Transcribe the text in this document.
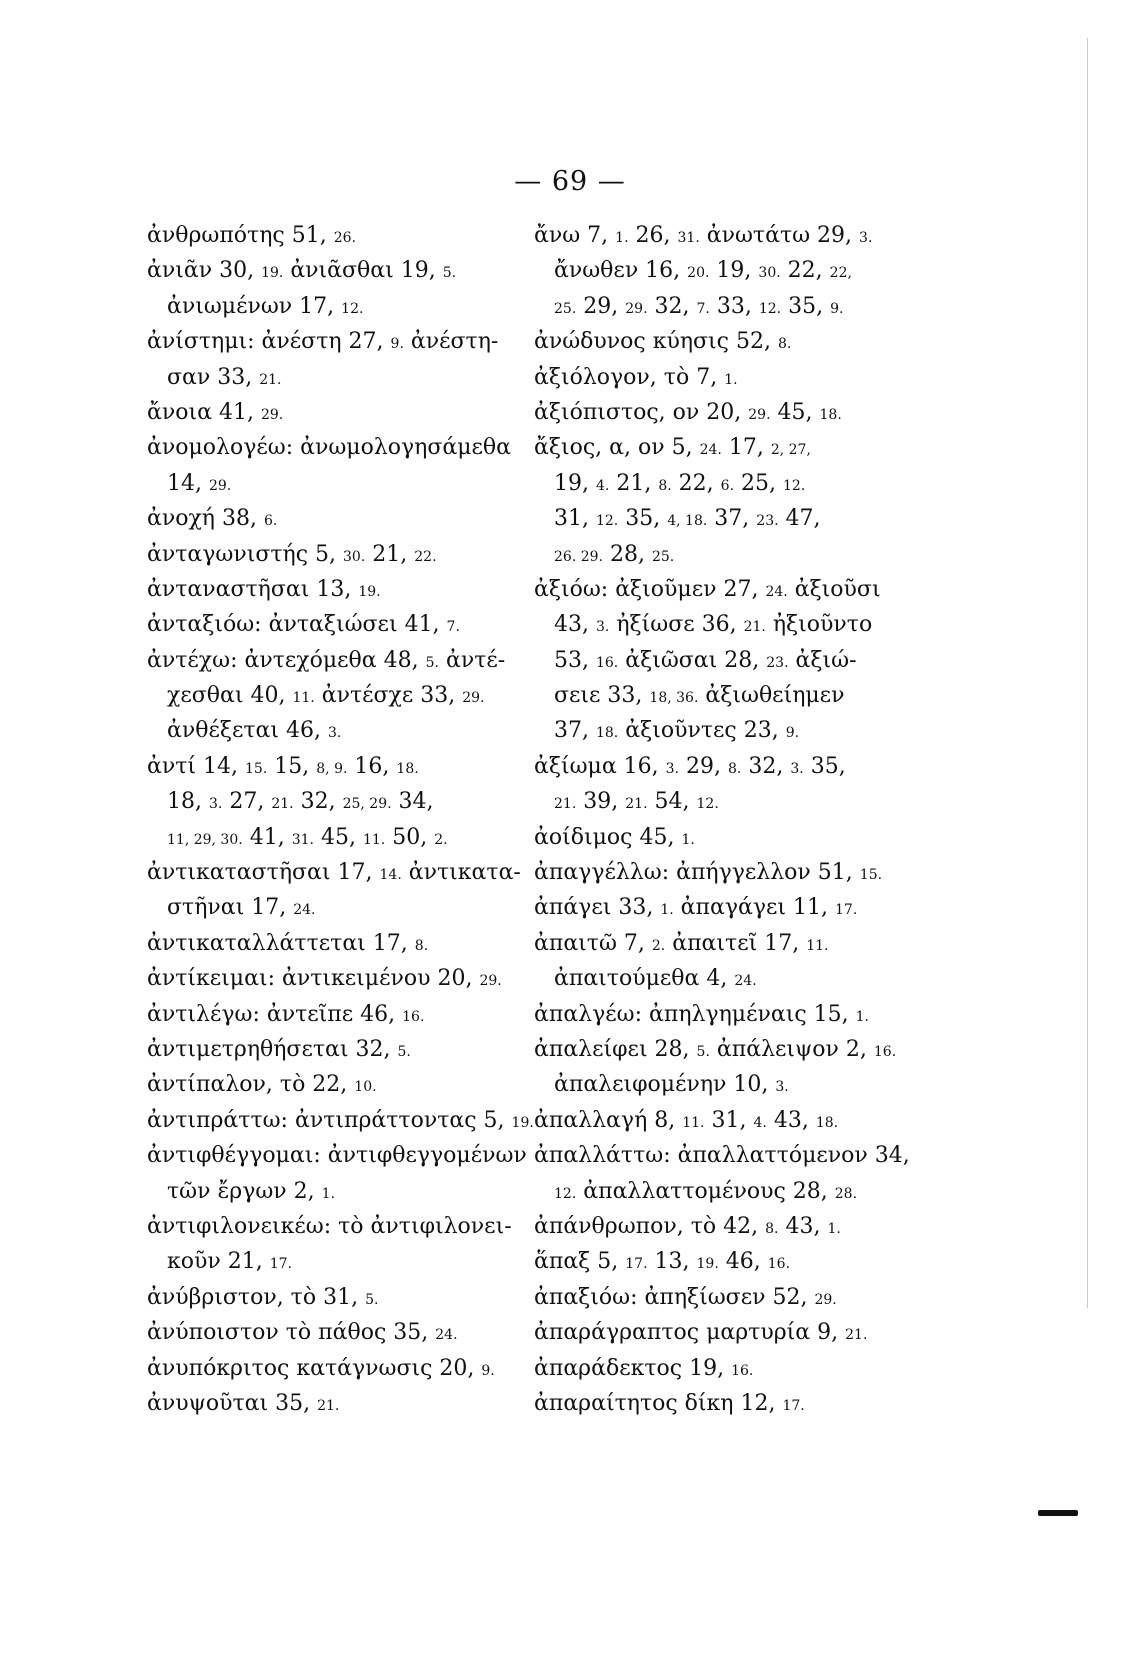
— 69 —
ἀνθρωπότης 51, 26.
ἀνιᾶν 30, 19. ἀνιᾶσθαι 19, 5.
ἀνιωμένων 17, 12.
ἀνίστημι: ἀνέστη 27, 9. ἀνέστη-
σαν 33, 21.
ἄνοια 41, 29.
ἀνομολογέω: ἀνωμολογησάμεθα
14, 29.
ἀνοχή 38, 6.
ἀνταγωνιστής 5, 30. 21, 22.
ἀνταναστῆσαι 13, 19.
ἀνταξιόω: ἀνταξιώσει 41, 7.
ἀντέχω: ἀντεχόμεθα 48, 5. ἀντέ-
χεσθαι 40, 11. ἀντέσχε 33, 29.
ἀνθέξεται 46, 3.
ἀντί 14, 15. 15, 8, 9. 16, 18.
18, 3. 27, 21. 32, 25, 29. 34,
11, 29, 30. 41, 31. 45, 11. 50, 2.
ἀντικαταστῆσαι 17, 14. ἀντικατα-
στῆναι 17, 24.
ἀντικαταλλάττεται 17, 8.
ἀντίκειμαι: ἀντικειμένου 20, 29.
ἀντιλέγω: ἀντεῖπε 46, 16.
ἀντιμετρηθήσεται 32, 5.
ἀντίπαλον, τὸ 22, 10.
ἀντιπράττω: ἀντιπράττοντας 5, 19.
ἀντιφθέγγομαι: ἀντιφθεγγομένων
τῶν ἔργων 2, 1.
ἀντιφιλονεικέω: τὸ ἀντιφιλονει-
κοῦν 21, 17.
ἀνύβριστον, τὸ 31, 5.
ἀνύποιστον τὸ πάθος 35, 24.
ἀνυπόκριτος κατάγνωσις 20, 9.
ἀνυψοῦται 35, 21.
ἄνω 7, 1. 26, 31. ἀνωτάτω 29, 3.
ἄνωθεν 16, 20. 19, 30. 22, 22,
25. 29, 29. 32, 7. 33, 12. 35, 9.
ἀνώδυνος κύησις 52, 8.
ἀξιόλογον, τὸ 7, 1.
ἀξιόπιστος, ον 20, 29. 45, 18.
ἄξιος, α, ον 5, 24. 17, 2, 27,
19, 4. 21, 8. 22, 6. 25, 12.
31, 12. 35, 4, 18. 37, 23. 47,
26. 29. 28, 25.
ἀξιόω: ἀξιοῦμεν 27, 24. ἀξιοῦσι
43, 3. ἠξίωσε 36, 21. ἠξιοῦντο
53, 16. ἀξιῶσαι 28, 23. ἀξιώ-
σειε 33, 18, 36. ἀξιωθείημεν
37, 18. ἀξιοῦντες 23, 9.
ἀξίωμα 16, 3. 29, 8. 32, 3. 35,
21. 39, 21. 54, 12.
ἀοίδιμος 45, 1.
ἀπαγγέλλω: ἀπήγγελλον 51, 15.
ἀπάγει 33, 1. ἀπαγάγει 11, 17.
ἀπαιτῶ 7, 2. ἀπαιτεῖ 17, 11.
ἀπαιτούμεθα 4, 24.
ἀπαλγέω: ἀπηλγημέναις 15, 1.
ἀπαλείφει 28, 5. ἀπάλειψον 2, 16.
ἀπαλειφομένην 10, 3.
ἀπαλλαγή 8, 11. 31, 4. 43, 18.
ἀπαλλάττω: ἀπαλλαττόμενον 34,
12. ἀπαλλαττομένους 28, 28.
ἀπάνθρωπον, τὸ 42, 8. 43, 1.
ἅπαξ 5, 17. 13, 19. 46, 16.
ἀπαξιόω: ἀπηξίωσεν 52, 29.
ἀπαράγραπτος μαρτυρία 9, 21.
ἀπαράδεκτος 19, 16.
ἀπαραίτητος δίκη 12, 17.
